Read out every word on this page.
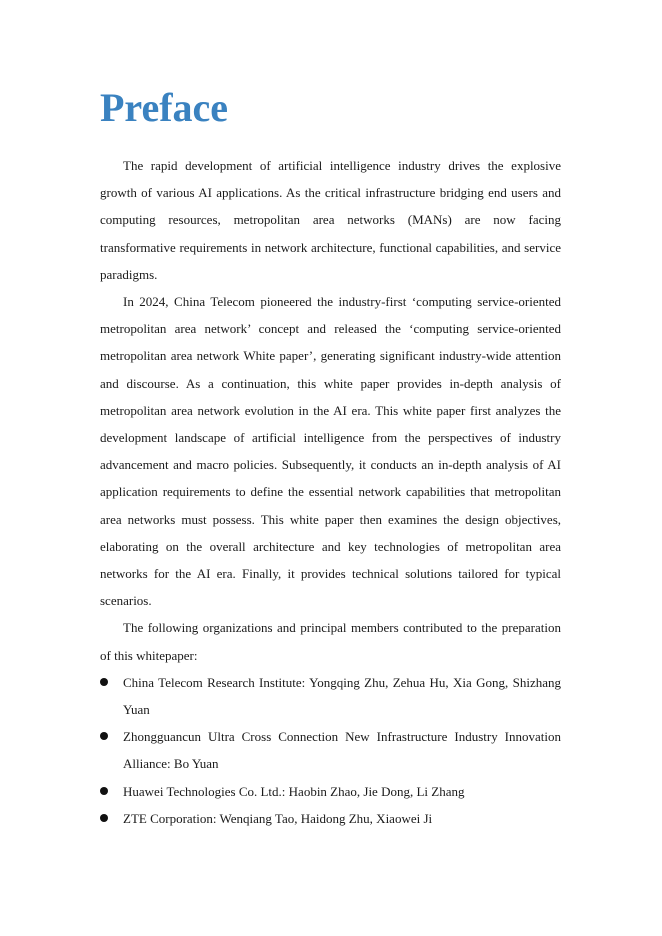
Preface

The rapid development of artificial intelligence industry drives the explosive growth of various AI applications. As the critical infrastructure bridging end users and computing resources, metropolitan area networks (MANs) are now facing transformative requirements in network architecture, functional capabilities, and service paradigms.

In 2024, China Telecom pioneered the industry-first ‘computing service-oriented metropolitan area network’ concept and released the ‘computing service-oriented metropolitan area network White paper’, generating significant industry-wide attention and discourse. As a continuation, this white paper provides in-depth analysis of metropolitan area network evolution in the AI era. This white paper first analyzes the development landscape of artificial intelligence from the perspectives of industry advancement and macro policies. Subsequently, it conducts an in-depth analysis of AI application requirements to define the essential network capabilities that metropolitan area networks must possess. This white paper then examines the design objectives, elaborating on the overall architecture and key technologies of metropolitan area networks for the AI era. Finally, it provides technical solutions tailored for typical scenarios.

The following organizations and principal members contributed to the preparation of this whitepaper:

China Telecom Research Institute: Yongqing Zhu, Zehua Hu, Xia Gong, Shizhang Yuan
Zhongguancun Ultra Cross Connection New Infrastructure Industry Innovation Alliance: Bo Yuan
Huawei Technologies Co. Ltd.: Haobin Zhao, Jie Dong, Li Zhang
ZTE Corporation: Wenqiang Tao, Haidong Zhu, Xiaowei Ji
